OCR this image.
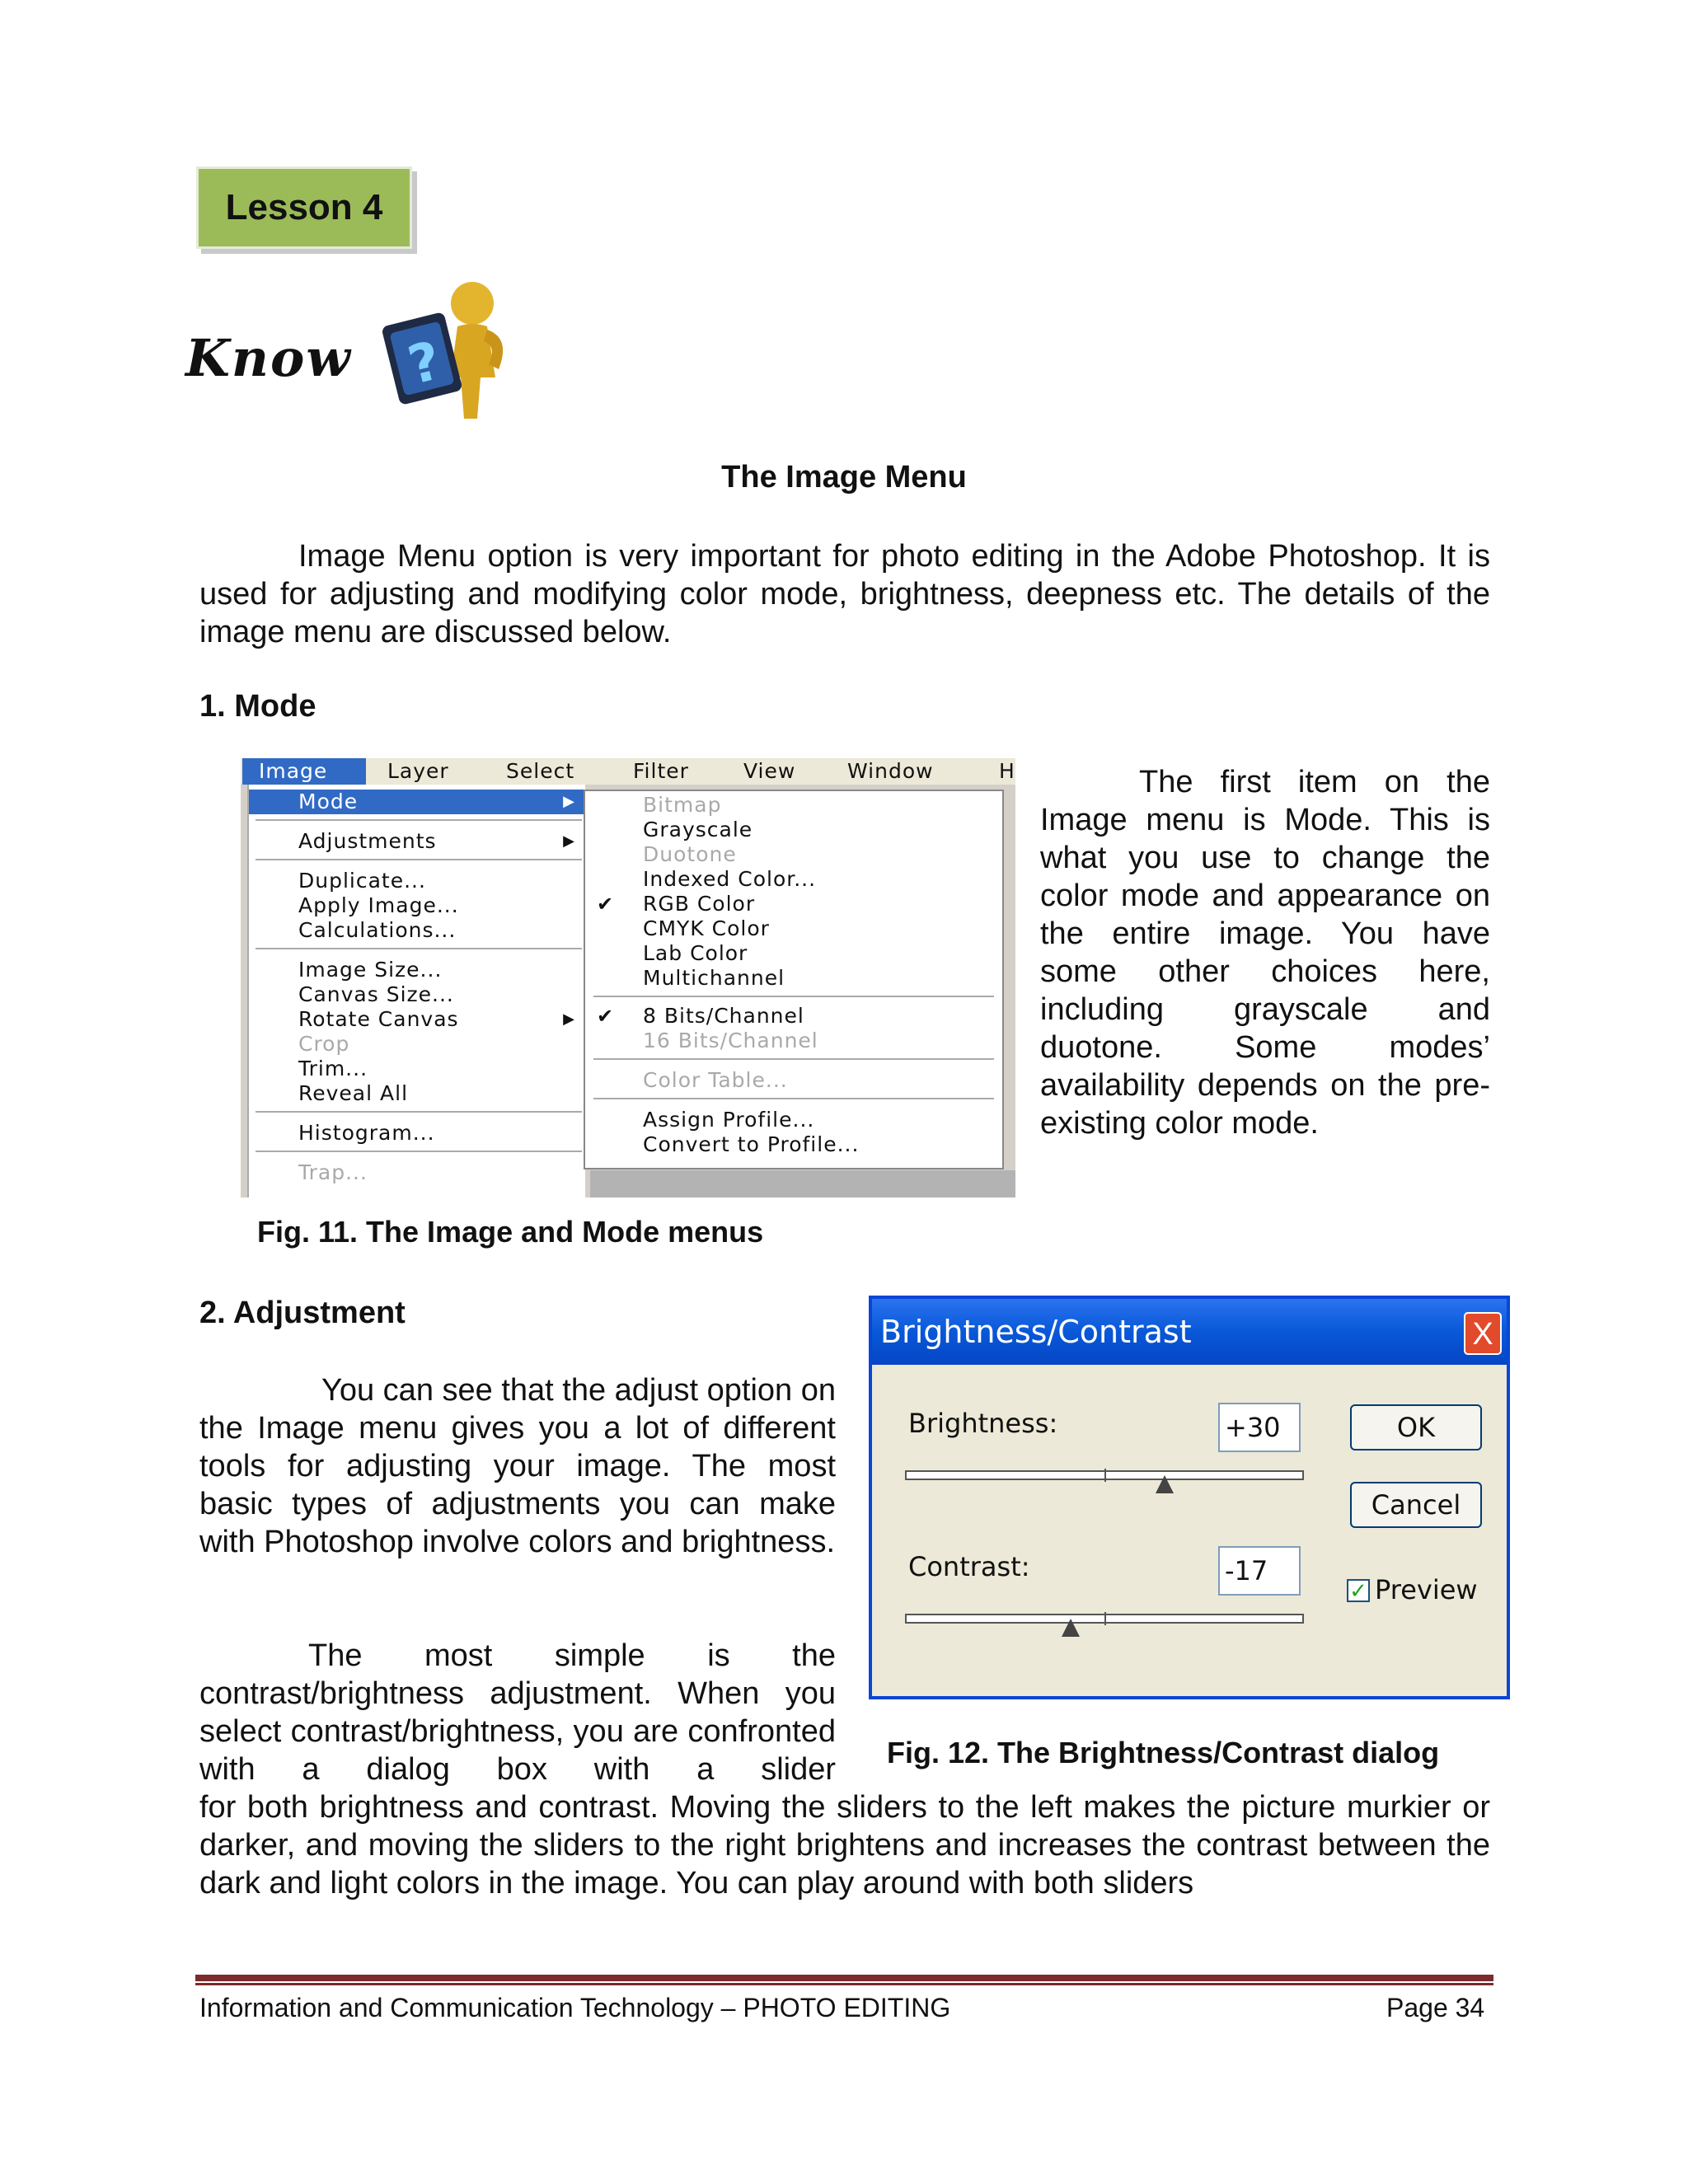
Lesson 4
Know ?
The Image Menu
Image Menu option is very important for photo editing in the Adobe Photoshop. It is used for adjusting and modifying color mode, brightness, deepness etc. The details of the image menu are discussed below.
1. Mode
Image	Layer	Select	Filter	View	Window	H
Mode	▶
Adjustments	▶
Duplicate...
Apply Image...
Calculations...
Image Size...
Canvas Size...
Rotate Canvas	▶
Crop
Trim...
Reveal All
Histogram...
Trap...
Bitmap
Grayscale
Duotone
Indexed Color...
✔ RGB Color
CMYK Color
Lab Color
Multichannel
✔ 8 Bits/Channel
16 Bits/Channel
Color Table...
Assign Profile...
Convert to Profile...
The first item on the Image menu is Mode. This is what you use to change the color mode and appearance on the entire image. You have some other choices here, including grayscale and duotone. Some modes’ availability depends on the pre-existing color mode.
Fig. 11. The Image and Mode menus
2. Adjustment
You can see that the adjust option on the Image menu gives you a lot of different tools for adjusting your image. The most basic types of adjustments you can make with Photoshop involve colors and brightness.
The most simple is the contrast/brightness adjustment. When you select contrast/brightness, you are confronted with a dialog box with a slider
for both brightness and contrast. Moving the sliders to the left makes the picture murkier or darker, and moving the sliders to the right brightens and increases the contrast between the dark and light colors in the image. You can play around with both sliders
Brightness/Contrast	X
Brightness:	+30
Contrast:	-17
OK
Cancel
✓ Preview
Fig. 12. The Brightness/Contrast dialog
Information and Communication Technology – PHOTO EDITING	Page 34
